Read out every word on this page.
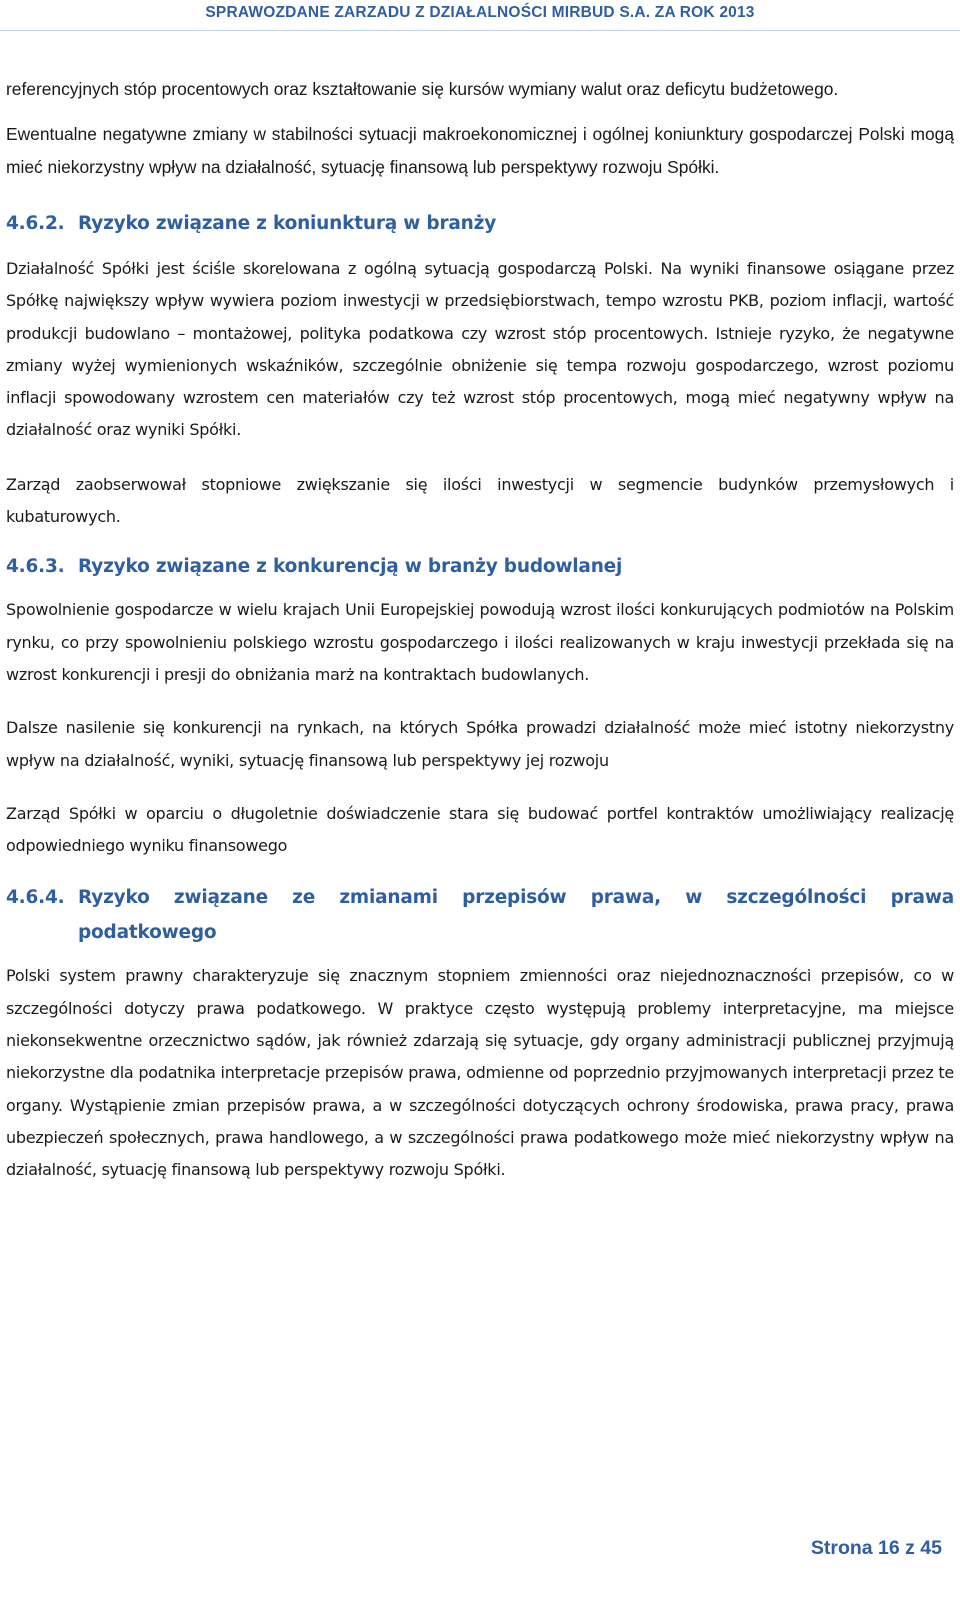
SPRAWOZDANE ZARZADU Z DZIAŁALNOŚCI MIRBUD S.A. ZA ROK 2013

referencyjnych stóp procentowych oraz kształtowanie się kursów wymiany walut oraz deficytu budżetowego.

Ewentualne negatywne zmiany w stabilności sytuacji makroekonomicznej i ogólnej koniunktury gospodarczej Polski mogą mieć niekorzystny wpływ na działalność, sytuację finansową lub perspektywy rozwoju Spółki.

4.6.2. Ryzyko związane z koniunkturą w branży

Działalność Spółki jest ściśle skorelowana z ogólną sytuacją gospodarczą Polski. Na wyniki finansowe osiągane przez Spółkę największy wpływ wywiera poziom inwestycji w przedsiębiorstwach, tempo wzrostu PKB, poziom inflacji, wartość produkcji budowlano – montażowej, polityka podatkowa czy wzrost stóp procentowych. Istnieje ryzyko, że negatywne zmiany wyżej wymienionych wskaźników, szczególnie obniżenie się tempa rozwoju gospodarczego, wzrost poziomu inflacji spowodowany wzrostem cen materiałów czy też wzrost stóp procentowych, mogą mieć negatywny wpływ na działalność oraz wyniki Spółki.

Zarząd zaobserwował stopniowe zwiększanie się ilości inwestycji w segmencie budynków przemysłowych i kubaturowych.

4.6.3. Ryzyko związane z konkurencją w branży budowlanej

Spowolnienie gospodarcze w wielu krajach Unii Europejskiej powodują wzrost ilości konkurujących podmiotów na Polskim rynku, co przy spowolnieniu polskiego wzrostu gospodarczego i ilości realizowanych w kraju inwestycji przekłada się na wzrost konkurencji i presji do obniżania marż na kontraktach budowlanych.

Dalsze nasilenie się konkurencji na rynkach, na których Spółka prowadzi działalność może mieć istotny niekorzystny wpływ na działalność, wyniki, sytuację finansową lub perspektywy jej rozwoju

Zarząd Spółki w oparciu o długoletnie doświadczenie stara się budować portfel kontraktów umożliwiający realizację odpowiedniego wyniku finansowego

4.6.4. Ryzyko związane ze zmianami przepisów prawa, w szczególności prawa podatkowego

Polski system prawny charakteryzuje się znacznym stopniem zmienności oraz niejednoznaczności przepisów, co w szczególności dotyczy prawa podatkowego. W praktyce często występują problemy interpretacyjne, ma miejsce niekonsekwentne orzecznictwo sądów, jak również zdarzają się sytuacje, gdy organy administracji publicznej przyjmują niekorzystne dla podatnika interpretacje przepisów prawa, odmienne od poprzednio przyjmowanych interpretacji przez te organy. Wystąpienie zmian przepisów prawa, a w szczególności dotyczących ochrony środowiska, prawa pracy, prawa ubezpieczeń społecznych, prawa handlowego, a w szczególności prawa podatkowego może mieć niekorzystny wpływ na działalność, sytuację finansową lub perspektywy rozwoju Spółki.

Strona 16 z 45
